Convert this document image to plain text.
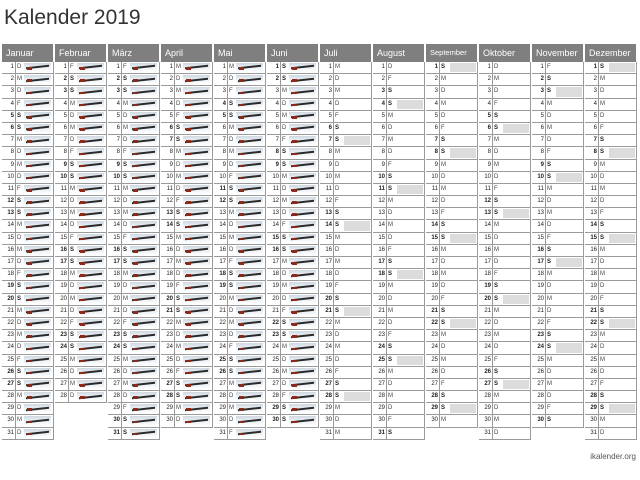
Kalender 2019
Januar
1 D
2 M
3 D
4 F
5 S
6 S
7 M
8 D
9 M
10 D
11 F
12 S
13 S
14 M
15 D
16 M
17 D
18 F
19 S
20 S
21 M
22 D
23 M
24 D
25 F
26 S
27 S
28 M
29 D
30 M
31 D
Februar
1 F
2 S
3 S
4 M
5 D
6 M
7 D
8 F
9 S
10 S
11 M
12 D
13 M
14 D
15 F
16 S
17 S
18 M
19 D
20 M
21 D
22 F
23 S
24 S
25 M
26 D
27 M
28 D
März
1 F
2 S
3 S
4 M
5 D
6 M
7 D
8 F
9 S
10 S
11 M
12 D
13 M
14 D
15 F
16 S
17 S
18 M
19 D
20 M
21 D
22 F
23 S
24 S
25 M
26 D
27 M
28 D
29 F
30 S
31 S
April
1 M
2 D
3 M
4 D
5 F
6 S
7 S
8 M
9 D
10 M
11 D
12 F
13 S
14 S
15 M
16 D
17 M
18 D
19 F
20 S
21 S
22 M
23 D
24 M
25 D
26 F
27 S
28 S
29 M
30 D
Mai
1 M
2 D
3 F
4 S
5 S
6 M
7 D
8 M
9 D
10 F
11 S
12 S
13 M
14 D
15 M
16 D
17 F
18 S
19 S
20 M
21 D
22 M
23 D
24 F
25 S
26 S
27 M
28 D
29 M
30 D
31 F
Juni
1 S
2 S
3 M
4 D
5 M
6 D
7 F
8 S
9 S
10 M
11 D
12 M
13 D
14 F
15 S
16 S
17 M
18 D
19 M
20 D
21 F
22 S
23 S
24 M
25 D
26 M
27 D
28 F
29 S
30 S
Juli
1 M
2 D
3 M
4 D
5 F
6 S
7 S
8 M
9 D
10 M
11 D
12 F
13 S
14 S
15 M
16 D
17 M
18 D
19 F
20 S
21 S
22 M
23 D
24 M
25 D
26 F
27 S
28 S
29 M
30 D
31 M
August
1 D
2 F
3 S
4 S
5 M
6 D
7 M
8 D
9 F
10 S
11 S
12 M
13 D
14 M
15 D
16 F
17 S
18 S
19 M
20 D
21 M
22 D
23 F
24 S
25 S
26 M
27 D
28 M
29 D
30 F
31 S
September
1 S
2 M
3 D
4 M
5 D
6 F
7 S
8 S
9 M
10 D
11 M
12 D
13 F
14 S
15 S
16 M
17 D
18 M
19 D
20 F
21 S
22 S
23 M
24 D
25 M
26 D
27 F
28 S
29 S
30 M
Oktober
1 D
2 M
3 D
4 F
5 S
6 S
7 M
8 D
9 M
10 D
11 F
12 S
13 S
14 M
15 D
16 M
17 D
18 F
19 S
20 S
21 M
22 D
23 M
24 D
25 F
26 S
27 S
28 M
29 D
30 M
31 D
November
1 F
2 S
3 S
4 M
5 D
6 M
7 D
8 F
9 S
10 S
11 M
12 D
13 M
14 D
15 F
16 S
17 S
18 M
19 D
20 M
21 D
22 F
23 S
24 S
25 M
26 D
27 M
28 D
29 F
30 S
Dezember
1 S
2 M
3 D
4 M
5 D
6 F
7 S
8 S
9 M
10 D
11 M
12 D
13 F
14 S
15 S
16 M
17 D
18 M
19 D
20 F
21 S
22 S
23 M
24 D
25 M
26 D
27 F
28 S
29 S
30 M
31 D
ikalender.org
